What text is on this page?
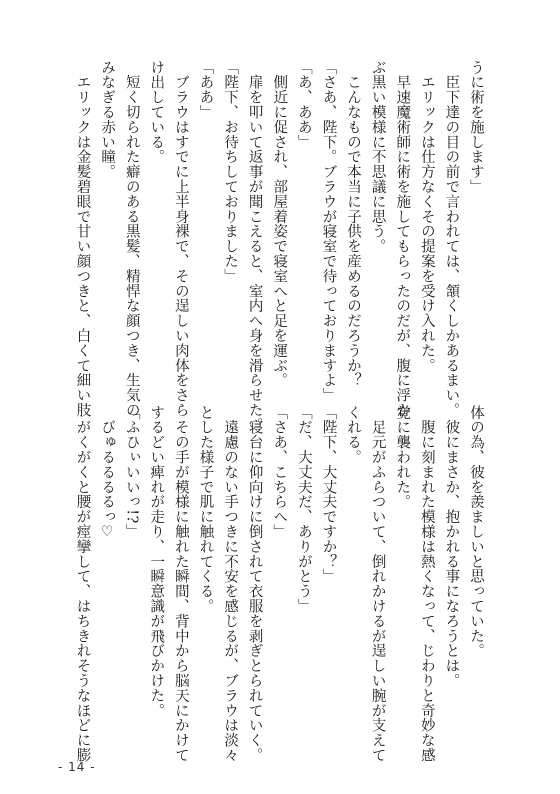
うに術を施します」
　臣下達の目の前で言われては、頷くしかあるまい。
　エリックは仕方なくその提案を受け入れた。
　早速魔術師に術を施してもらったのだが、腹に浮か
ぶ黒い模様に不思議に思う。
　こんなもので本当に子供を産めるのだろうか？
「さあ、陛下。ブラウが寝室で待っておりますよ」
「あ、ああ」
　側近に促され、部屋着姿で寝室へと足を運ぶ。
　扉を叩いて返事が聞こえると、室内へ身を滑らせた。
「陛下、お待ちしておりました」
「ああ」
　ブラウはすでに上半身裸で、その逞しい肉体をさら
け出している。
　短く切られた癖のある黒髪、精悍な顔つき、生気の
みなぎる赤い瞳。
　エリックは金髪碧眼で甘い顔つきと、白くて細い肢
体の為、彼を羨ましいと思っていた。
　彼にまさか、抱かれる事になろうとは。
　腹に刻まれた模様は熱くなって、じわりと奇妙な感
覚に襲われた。
　足元がふらついて、倒れかけるが逞しい腕が支えて
くれる。
「陛下、大丈夫ですか？」
「だ、大丈夫だ、ありがとう」
「さあ、こちらへ」
　寝台に仰向けに倒されて衣服を剥ぎとられていく。
　遠慮のない手つきに不安を感じるが、ブラウは淡々
とした様子で肌に触れてくる。
　その手が模様に触れた瞬間、背中から脳天にかけて
するどい痺れが走り、一瞬意識が飛びかけた。
「ふひぃいいっ!?」
　びゅるるるるっ♡
　がくがくと腰が痙攣して、はちきれそうなほどに膨
- 14 -
